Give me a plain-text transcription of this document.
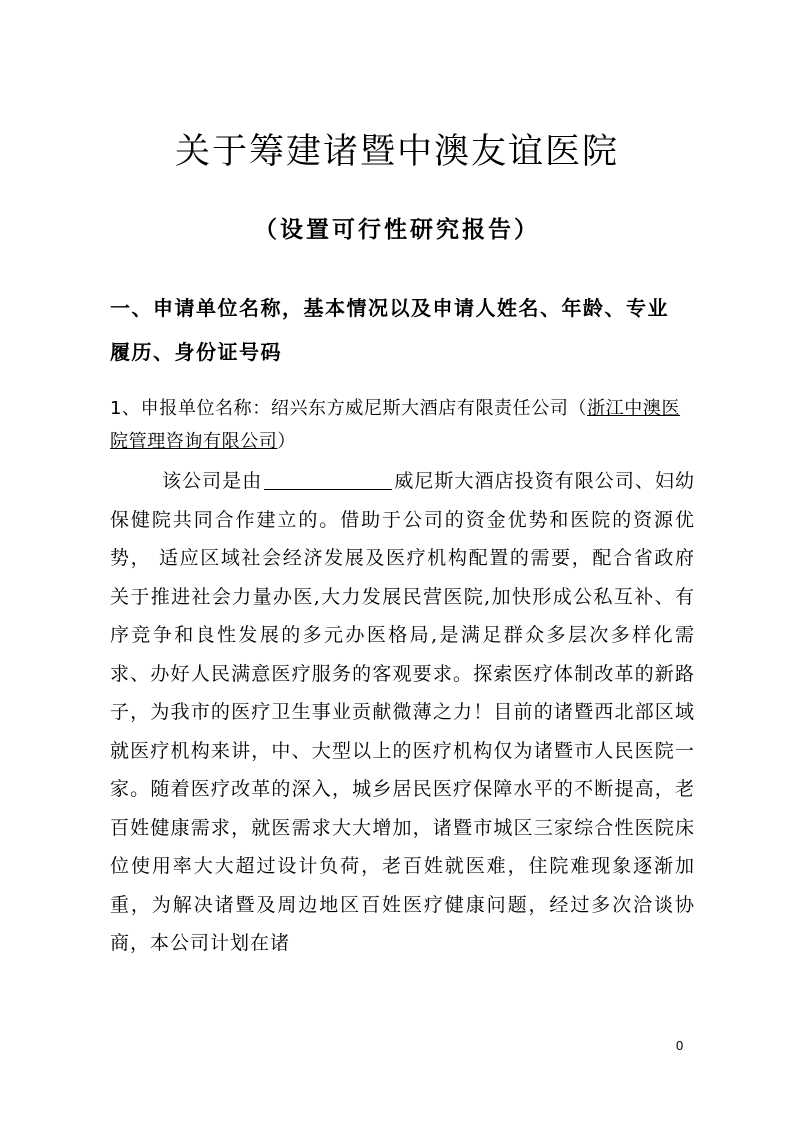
关于筹建诸暨中澳友谊医院
（设置可行性研究报告）
一、申请单位名称，基本情况以及申请人姓名、年龄、专业履历、身份证号码
1、申报单位名称：绍兴东方威尼斯大酒店有限责任公司（浙江中澳医院管理咨询有限公司）
该公司是由	威尼斯大酒店投资有限公司、妇幼保健院共同合作建立的。借助于公司的资金优势和医院的资源优势， 适应区域社会经济发展及医疗机构配置的需要，配合省政府关于推进社会力量办医,大力发展民营医院,加快形成公私互补、有序竞争和良性发展的多元办医格局,是满足群众多层次多样化需求、办好人民满意医疗服务的客观要求。探索医疗体制改革的新路子，为我市的医疗卫生事业贡献微薄之力！目前的诸暨西北部区域就医疗机构来讲，中、大型以上的医疗机构仅为诸暨市人民医院一家。随着医疗改革的深入，城乡居民医疗保障水平的不断提高，老百姓健康需求，就医需求大大增加，诸暨市城区三家综合性医院床位使用率大大超过设计负荷，老百姓就医难，住院难现象逐渐加重，为解决诸暨及周边地区百姓医疗健康问题，经过多次洽谈协商，本公司计划在诸
0
